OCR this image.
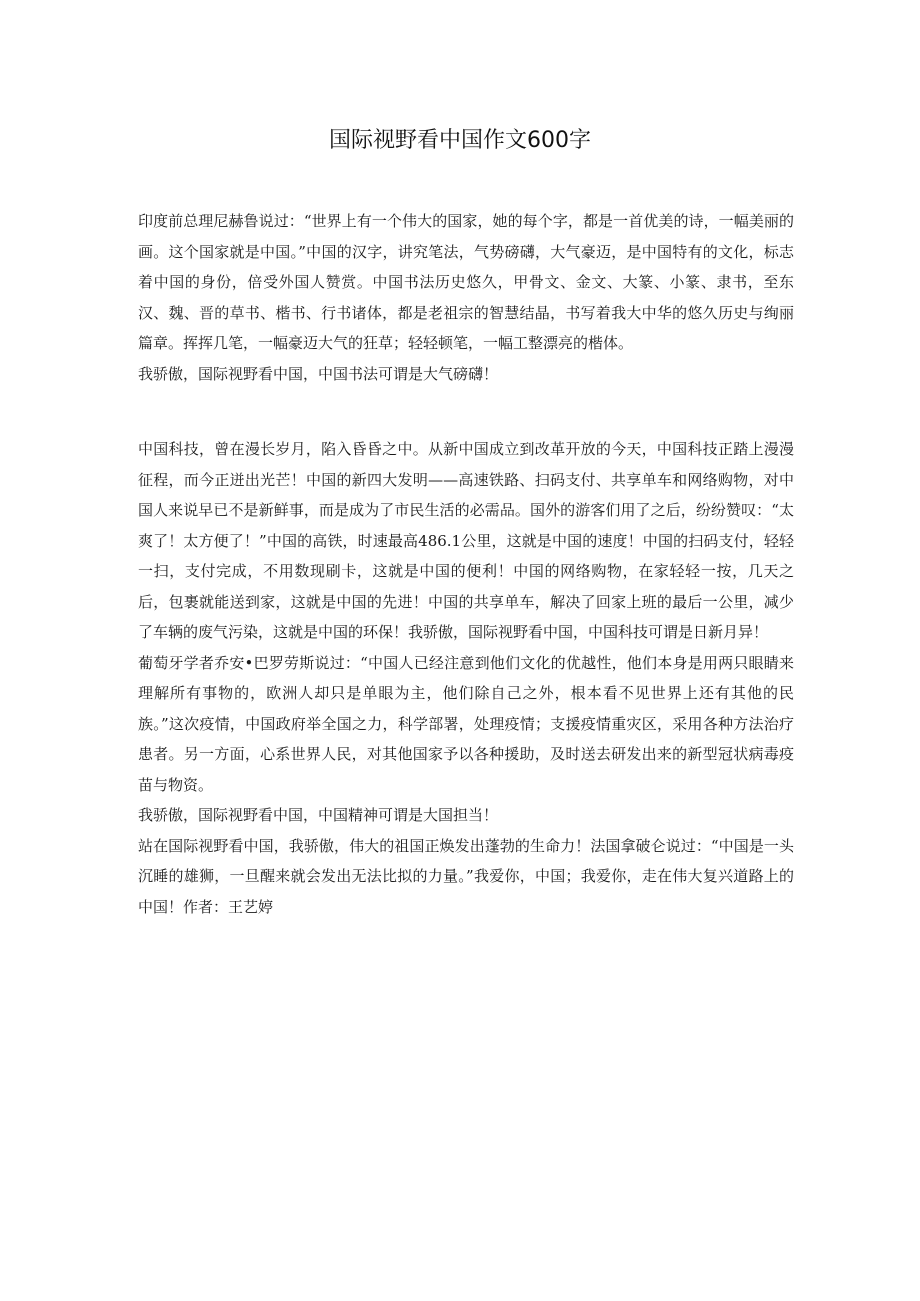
国际视野看中国作文600字

印度前总理尼赫鲁说过：“世界上有一个伟大的国家，她的每个字，都是一首优美的诗，一幅美丽的画。这个国家就是中国。”中国的汉字，讲究笔法，气势磅礴，大气豪迈，是中国特有的文化，标志着中国的身份，倍受外国人赞赏。中国书法历史悠久，甲骨文、金文、大篆、小篆、隶书，至东汉、魏、晋的草书、楷书、行书诸体，都是老祖宗的智慧结晶，书写着我大中华的悠久历史与绚丽篇章。挥挥几笔，一幅豪迈大气的狂草；轻轻顿笔，一幅工整漂亮的楷体。

我骄傲，国际视野看中国，中国书法可谓是大气磅礴！

中国科技，曾在漫长岁月，陷入昏昏之中。从新中国成立到改革开放的今天，中国科技正踏上漫漫征程，而今正迸出光芒！中国的新四大发明——高速铁路、扫码支付、共享单车和网络购物，对中国人来说早已不是新鲜事，而是成为了市民生活的必需品。国外的游客们用了之后，纷纷赞叹：“太爽了！太方便了！”中国的高铁，时速最高486.1公里，这就是中国的速度！中国的扫码支付，轻轻一扫，支付完成，不用数现刷卡，这就是中国的便利！中国的网络购物，在家轻轻一按，几天之后，包裹就能送到家，这就是中国的先进！中国的共享单车，解决了回家上班的最后一公里，减少了车辆的废气污染，这就是中国的环保！我骄傲，国际视野看中国，中国科技可谓是日新月异！

葡萄牙学者乔安•巴罗劳斯说过：“中国人已经注意到他们文化的优越性，他们本身是用两只眼睛来理解所有事物的，欧洲人却只是单眼为主，他们除自己之外，根本看不见世界上还有其他的民族。”这次疫情，中国政府举全国之力，科学部署，处理疫情；支援疫情重灾区，采用各种方法治疗患者。另一方面，心系世界人民，对其他国家予以各种援助，及时送去研发出来的新型冠状病毒疫苗与物资。

我骄傲，国际视野看中国，中国精神可谓是大国担当！

站在国际视野看中国，我骄傲，伟大的祖国正焕发出蓬勃的生命力！法国拿破仑说过：“中国是一头沉睡的雄狮，一旦醒来就会发出无法比拟的力量。”我爱你，中国；我爱你，走在伟大复兴道路上的中国！作者：王艺婷
